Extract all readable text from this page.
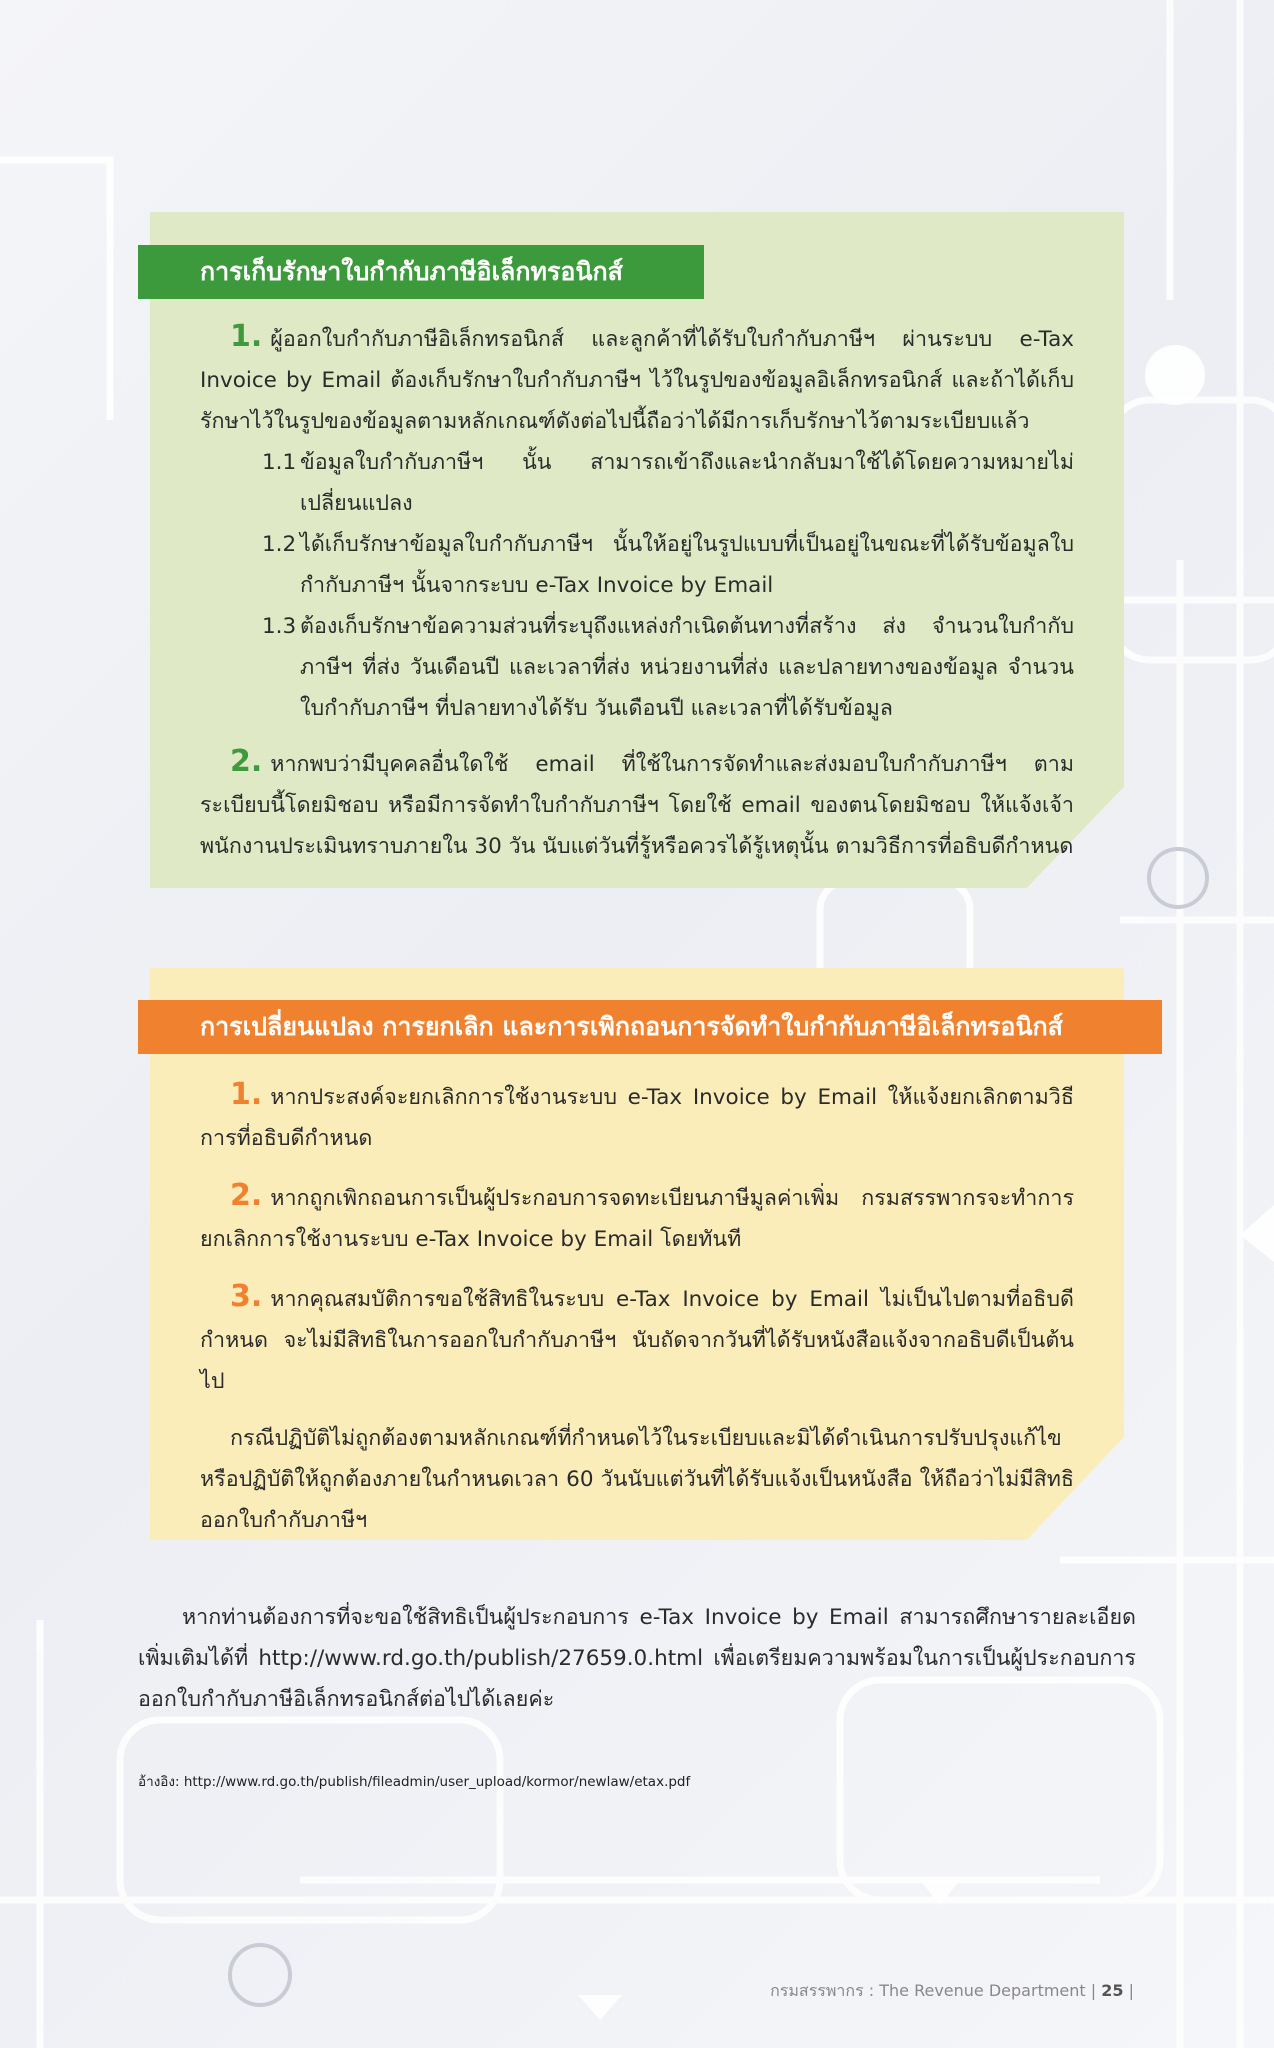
การเก็บรักษาใบกำกับภาษีอิเล็กทรอนิกส์

1. ผู้ออกใบกำกับภาษีอิเล็กทรอนิกส์ และลูกค้าที่ได้รับใบกำกับภาษีฯ ผ่านระบบ e-Tax Invoice by Email ต้องเก็บรักษาใบกำกับภาษีฯ ไว้ในรูปของข้อมูลอิเล็กทรอนิกส์ และถ้าได้เก็บรักษาไว้ในรูปของข้อมูลตามหลักเกณฑ์ดังต่อไปนี้ถือว่าได้มีการเก็บรักษาไว้ตามระเบียบแล้ว

1.1 ข้อมูลใบกำกับภาษีฯ นั้น สามารถเข้าถึงและนำกลับมาใช้ได้โดยความหมายไม่เปลี่ยนแปลง
1.2 ได้เก็บรักษาข้อมูลใบกำกับภาษีฯ นั้นให้อยู่ในรูปแบบที่เป็นอยู่ในขณะที่ได้รับข้อมูลใบกำกับภาษีฯ นั้นจากระบบ e-Tax Invoice by Email
1.3 ต้องเก็บรักษาข้อความส่วนที่ระบุถึงแหล่งกำเนิดต้นทางที่สร้าง ส่ง จำนวนใบกำกับภาษีฯ ที่ส่ง วันเดือนปี และเวลาที่ส่ง หน่วยงานที่ส่ง และปลายทางของข้อมูล จำนวนใบกำกับภาษีฯ ที่ปลายทางได้รับ วันเดือนปี และเวลาที่ได้รับข้อมูล

2. หากพบว่ามีบุคคลอื่นใดใช้ email ที่ใช้ในการจัดทำและส่งมอบใบกำกับภาษีฯ ตามระเบียบนี้โดยมิชอบ หรือมีการจัดทำใบกำกับภาษีฯ โดยใช้ email ของตนโดยมิชอบ ให้แจ้งเจ้าพนักงานประเมินทราบภายใน 30 วัน นับแต่วันที่รู้หรือควรได้รู้เหตุนั้น ตามวิธีการที่อธิบดีกำหนด

การเปลี่ยนแปลง การยกเลิก และการเพิกถอนการจัดทำใบกำกับภาษีอิเล็กทรอนิกส์

1. หากประสงค์จะยกเลิกการใช้งานระบบ e-Tax Invoice by Email ให้แจ้งยกเลิกตามวิธีการที่อธิบดีกำหนด

2. หากถูกเพิกถอนการเป็นผู้ประกอบการจดทะเบียนภาษีมูลค่าเพิ่ม กรมสรรพากรจะทำการยกเลิกการใช้งานระบบ e-Tax Invoice by Email โดยทันที

3. หากคุณสมบัติการขอใช้สิทธิในระบบ e-Tax Invoice by Email ไม่เป็นไปตามที่อธิบดีกำหนด จะไม่มีสิทธิในการออกใบกำกับภาษีฯ นับถัดจากวันที่ได้รับหนังสือแจ้งจากอธิบดีเป็นต้นไป

กรณีปฏิบัติไม่ถูกต้องตามหลักเกณฑ์ที่กำหนดไว้ในระเบียบและมิได้ดำเนินการปรับปรุงแก้ไข หรือปฏิบัติให้ถูกต้องภายในกำหนดเวลา 60 วันนับแต่วันที่ได้รับแจ้งเป็นหนังสือ ให้ถือว่าไม่มีสิทธิออกใบกำกับภาษีฯ

หากท่านต้องการที่จะขอใช้สิทธิเป็นผู้ประกอบการ e-Tax Invoice by Email สามารถศึกษารายละเอียดเพิ่มเติมได้ที่ http://www.rd.go.th/publish/27659.0.html เพื่อเตรียมความพร้อมในการเป็นผู้ประกอบการออกใบกำกับภาษีอิเล็กทรอนิกส์ต่อไปได้เลยค่ะ

อ้างอิง: http://www.rd.go.th/publish/fileadmin/user_upload/kormor/newlaw/etax.pdf

กรมสรรพากร : The Revenue Department | 25 |
